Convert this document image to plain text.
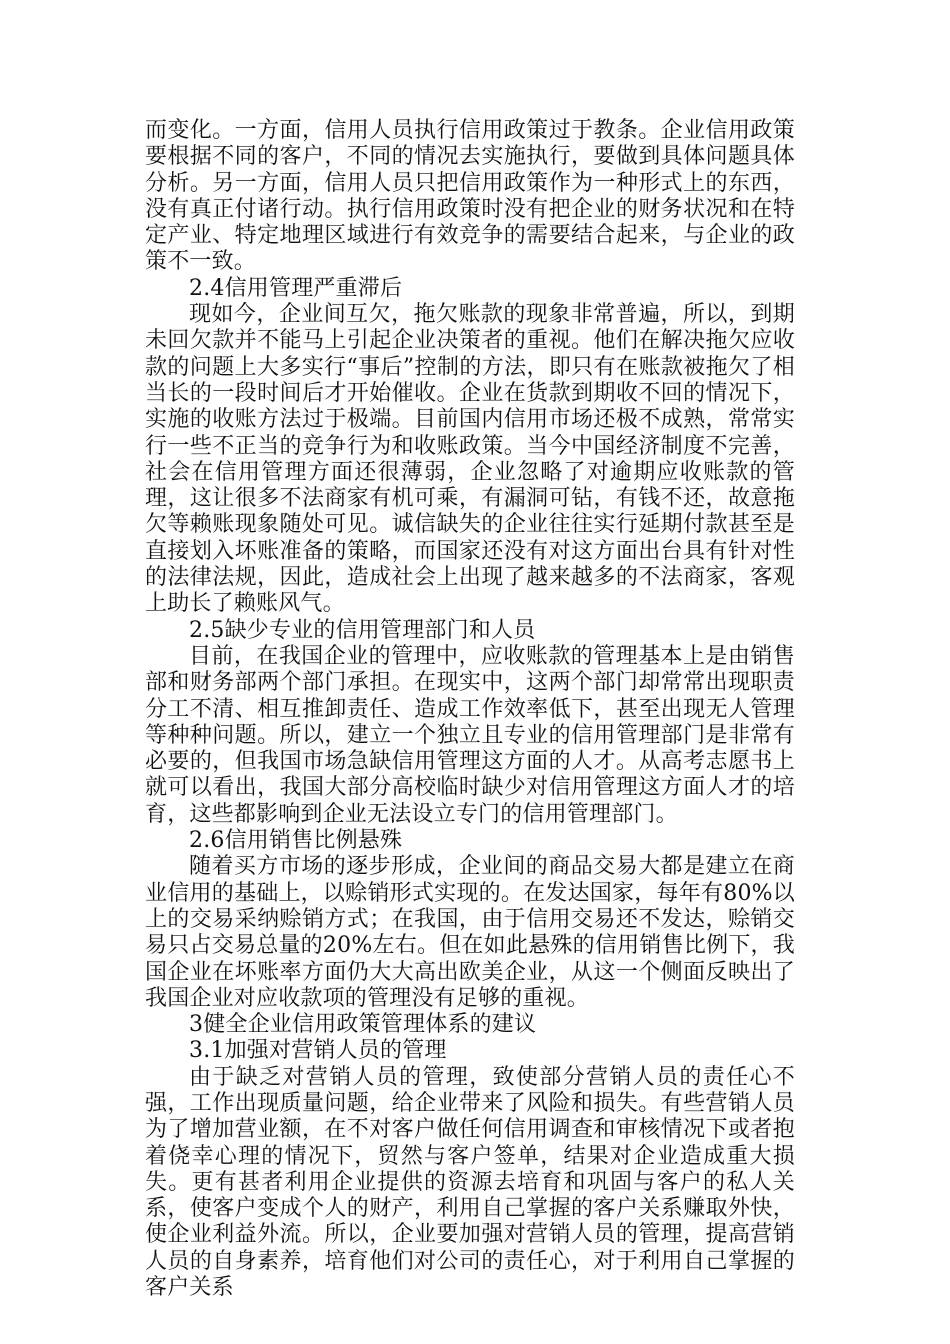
而变化。一方面，信用人员执行信用政策过于教条。企业信用政策要根据不同的客户，不同的情况去实施执行，要做到具体问题具体分析。另一方面，信用人员只把信用政策作为一种形式上的东西，没有真正付诸行动。执行信用政策时没有把企业的财务状况和在特定产业、特定地理区域进行有效竞争的需要结合起来，与企业的政策不一致。

2.4信用管理严重滞后

现如今，企业间互欠，拖欠账款的现象非常普遍，所以，到期未回欠款并不能马上引起企业决策者的重视。他们在解决拖欠应收款的问题上大多实行“事后”控制的方法，即只有在账款被拖欠了相当长的一段时间后才开始催收。企业在货款到期收不回的情况下，实施的收账方法过于极端。目前国内信用市场还极不成熟，常常实行一些不正当的竞争行为和收账政策。当今中国经济制度不完善，社会在信用管理方面还很薄弱，企业忽略了对逾期应收账款的管理，这让很多不法商家有机可乘，有漏洞可钻，有钱不还，故意拖欠等赖账现象随处可见。诚信缺失的企业往往实行延期付款甚至是直接划入坏账准备的策略，而国家还没有对这方面出台具有针对性的法律法规，因此，造成社会上出现了越来越多的不法商家，客观上助长了赖账风气。

2.5缺少专业的信用管理部门和人员

目前，在我国企业的管理中，应收账款的管理基本上是由销售部和财务部两个部门承担。在现实中，这两个部门却常常出现职责分工不清、相互推卸责任、造成工作效率低下，甚至出现无人管理等种种问题。所以，建立一个独立且专业的信用管理部门是非常有必要的，但我国市场急缺信用管理这方面的人才。从高考志愿书上就可以看出，我国大部分高校临时缺少对信用管理这方面人才的培育，这些都影响到企业无法设立专门的信用管理部门。

2.6信用销售比例悬殊

随着买方市场的逐步形成，企业间的商品交易大都是建立在商业信用的基础上，以赊销形式实现的。在发达国家，每年有80%以上的交易采纳赊销方式；在我国，由于信用交易还不发达，赊销交易只占交易总量的20%左右。但在如此悬殊的信用销售比例下，我国企业在坏账率方面仍大大高出欧美企业，从这一个侧面反映出了我国企业对应收款项的管理没有足够的重视。

3健全企业信用政策管理体系的建议

3.1加强对营销人员的管理

由于缺乏对营销人员的管理，致使部分营销人员的责任心不强，工作出现质量问题，给企业带来了风险和损失。有些营销人员为了增加营业额，在不对客户做任何信用调查和审核情况下或者抱着侥幸心理的情况下，贸然与客户签单，结果对企业造成重大损失。更有甚者利用企业提供的资源去培育和巩固与客户的私人关系，使客户变成个人的财产，利用自己掌握的客户关系赚取外快，使企业利益外流。所以，企业要加强对营销人员的管理，提高营销人员的自身素养，培育他们对公司的责任心，对于利用自己掌握的客户关系
